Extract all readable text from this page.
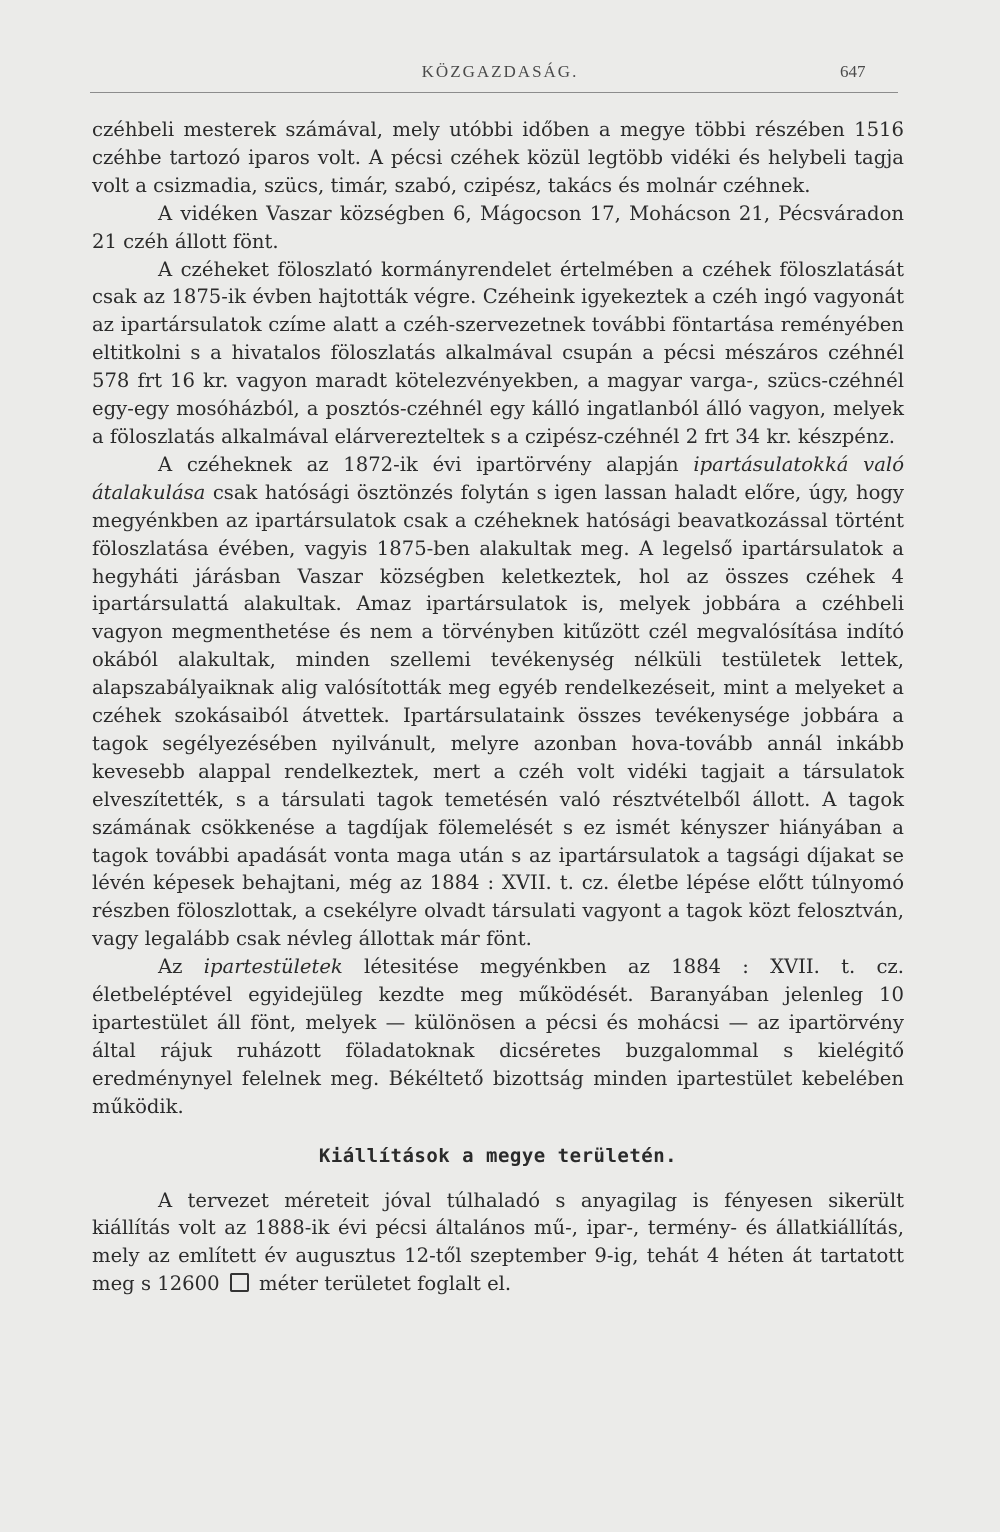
KÖZGAZDASÁG.	647

czéhbeli mesterek számával, mely utóbbi időben a megye többi részében 1516 czéhbe tartozó iparos volt. A pécsi czéhek közül legtöbb vidéki és helybeli tagja volt a csizmadia, szücs, timár, szabó, czipész, takács és molnár czéhnek.

A vidéken Vaszar községben 6, Mágocson 17, Mohácson 21, Pécsváradon 21 czéh állott fönt.

A czéheket föloszlató kormányrendelet értelmében a czéhek föloszlatását csak az 1875-ik évben hajtották végre. Czéheink igyekeztek a czéh ingó vagyonát az ipartársulatok czíme alatt a czéh-szervezetnek további föntartása reményében eltitkolni s a hivatalos föloszlatás alkalmával csupán a pécsi mészáros czéhnél 578 frt 16 kr. vagyon maradt kötelezvényekben, a magyar varga-, szücs-czéhnél egy-egy mosóházból, a posztós-czéhnél egy kálló ingatlanból álló vagyon, melyek a föloszlatás alkalmával elárverezteltek s a czipész-czéhnél 2 frt 34 kr. készpénz.

A czéheknek az 1872-ik évi ipartörvény alapján ipartásulatokká való átalakulása csak hatósági ösztönzés folytán s igen lassan haladt előre, úgy, hogy megyénkben az ipartársulatok csak a czéheknek hatósági beavatkozással történt föloszlatása évében, vagyis 1875-ben alakultak meg. A legelső ipartársulatok a hegyháti járásban Vaszar községben keletkeztek, hol az összes czéhek 4 ipartársulattá alakultak. Amaz ipartársulatok is, melyek jobbára a czéhbeli vagyon megmenthetése és nem a törvényben kitűzött czél megvalósítása indító okából alakultak, minden szellemi tevékenység nélküli testületek lettek, alapszabályaiknak alig valósították meg egyéb rendelkezéseit, mint a melyeket a czéhek szokásaiból átvettek. Ipartársulataink összes tevékenysége jobbára a tagok segélyezésében nyilvánult, melyre azonban hova-tovább annál inkább kevesebb alappal rendelkeztek, mert a czéh volt vidéki tagjait a társulatok elveszítették, s a társulati tagok temetésén való résztvételből állott. A tagok számának csökkenése a tagdíjak fölemelését s ez ismét kényszer hiányában a tagok további apadását vonta maga után s az ipartársulatok a tagsági díjakat se lévén képesek behajtani, még az 1884 : XVII. t. cz. életbe lépése előtt túlnyomó részben föloszlottak, a csekélyre olvadt társulati vagyont a tagok közt felosztván, vagy legalább csak névleg állottak már fönt.

Az ipartestületek létesitése megyénkben az 1884 : XVII. t. cz. életbeléptével egyidejüleg kezdte meg működését. Baranyában jelenleg 10 ipartestület áll fönt, melyek — különösen a pécsi és mohácsi — az ipartörvény által rájuk ruházott föladatoknak dicséretes buzgalommal s kielégitő eredménynyel felelnek meg. Békéltető bizottság minden ipartestület kebelében működik.

Kiállítások a megye területén.

A tervezet méreteit jóval túlhaladó s anyagilag is fényesen sikerült kiállítás volt az 1888-ik évi pécsi általános mű-, ipar-, termény- és állatkiállítás, mely az említett év augusztus 12-től szeptember 9-ig, tehát 4 héten át tartatott meg s 12600 méter területet foglalt el.
